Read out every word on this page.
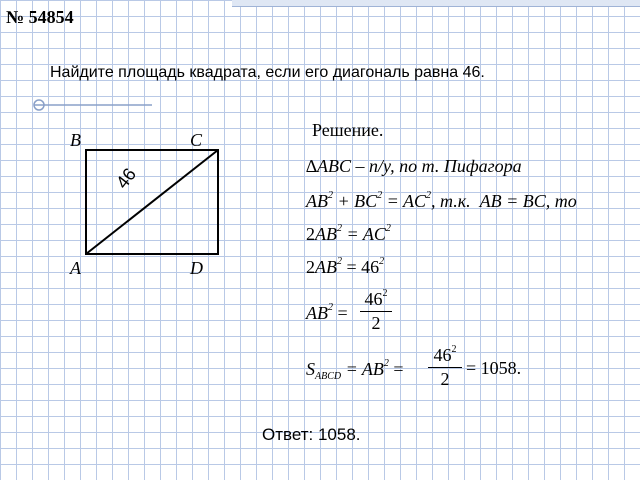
№ 54854
Найдите площадь квадрата, если его диагональ равна 46.
B	C
A	D
46
Решение.
∆ABC – п/у, по т. Пифагора
$AB^2 + BC^2 = AC^2$, т.к. AB = BC, то
$2AB^2 = AC^2$
$2AB^2 = 46^2$
$AB^2$ =
$46^2$
2
$S_{ABCD} = AB^2$ =
$46^2$
2
= 1058.
Ответ: 1058.
